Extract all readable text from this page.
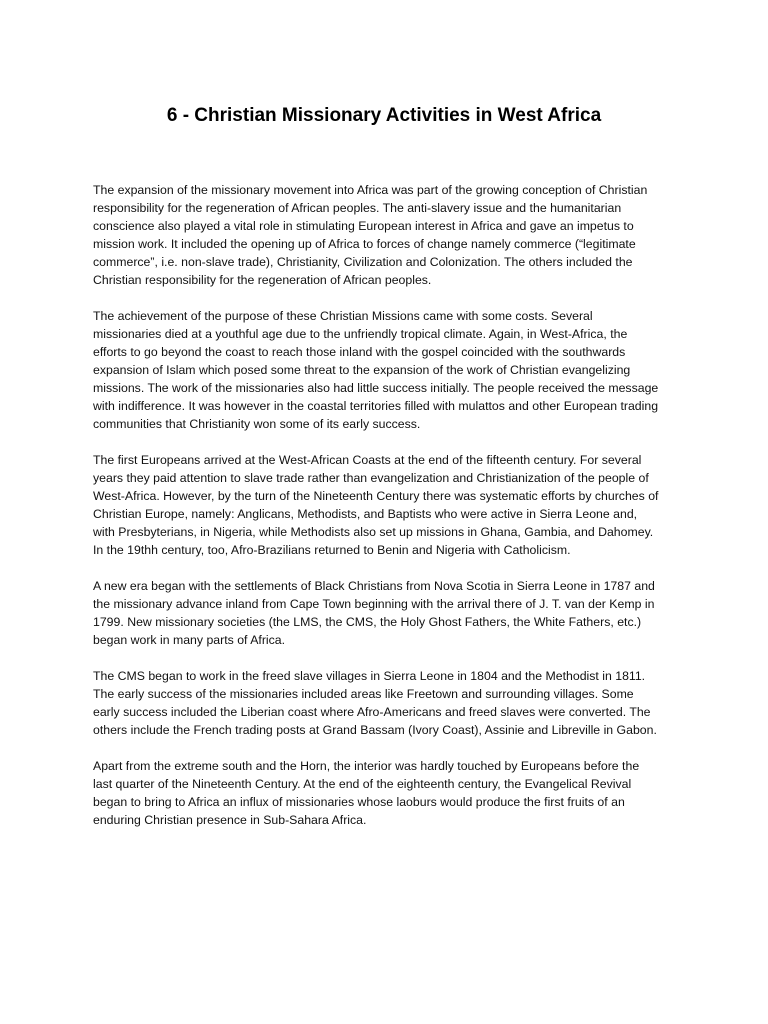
6 - Christian Missionary Activities in West Africa

The expansion of the missionary movement into Africa was part of the growing conception of Christian responsibility for the regeneration of African peoples. The anti-slavery issue and the humanitarian conscience also played a vital role in stimulating European interest in Africa and gave an impetus to mission work. It included the opening up of Africa to forces of change namely commerce (“legitimate commerce”, i.e. non-slave trade), Christianity, Civilization and Colonization. The others included the Christian responsibility for the regeneration of African peoples.

The achievement of the purpose of these Christian Missions came with some costs. Several missionaries died at a youthful age due to the unfriendly tropical climate. Again, in West-Africa, the efforts to go beyond the coast to reach those inland with the gospel coincided with the southwards expansion of Islam which posed some threat to the expansion of the work of Christian evangelizing missions. The work of the missionaries also had little success initially. The people received the message with indifference. It was however in the coastal territories filled with mulattos and other European trading communities that Christianity won some of its early success.

The first Europeans arrived at the West-African Coasts at the end of the fifteenth century. For several years they paid attention to slave trade rather than evangelization and Christianization of the people of West-Africa. However, by the turn of the Nineteenth Century there was systematic efforts by churches of Christian Europe, namely: Anglicans, Methodists, and Baptists who were active in Sierra Leone and, with Presbyterians, in Nigeria, while Methodists also set up missions in Ghana, Gambia, and Dahomey. In the 19thh century, too, Afro-Brazilians returned to Benin and Nigeria with Catholicism.

A new era began with the settlements of Black Christians from Nova Scotia in Sierra Leone in 1787 and the missionary advance inland from Cape Town beginning with the arrival there of J. T. van der Kemp in 1799. New missionary societies (the LMS, the CMS, the Holy Ghost Fathers, the White Fathers, etc.) began work in many parts of Africa.

The CMS began to work in the freed slave villages in Sierra Leone in 1804 and the Methodist in 1811. The early success of the missionaries included areas like Freetown and surrounding villages. Some early success included the Liberian coast where Afro-Americans and freed slaves were converted. The others include the French trading posts at Grand Bassam (Ivory Coast), Assinie and Libreville in Gabon.

Apart from the extreme south and the Horn, the interior was hardly touched by Europeans before the last quarter of the Nineteenth Century. At the end of the eighteenth century, the Evangelical Revival began to bring to Africa an influx of missionaries whose laoburs would produce the first fruits of an enduring Christian presence in Sub-Sahara Africa.
